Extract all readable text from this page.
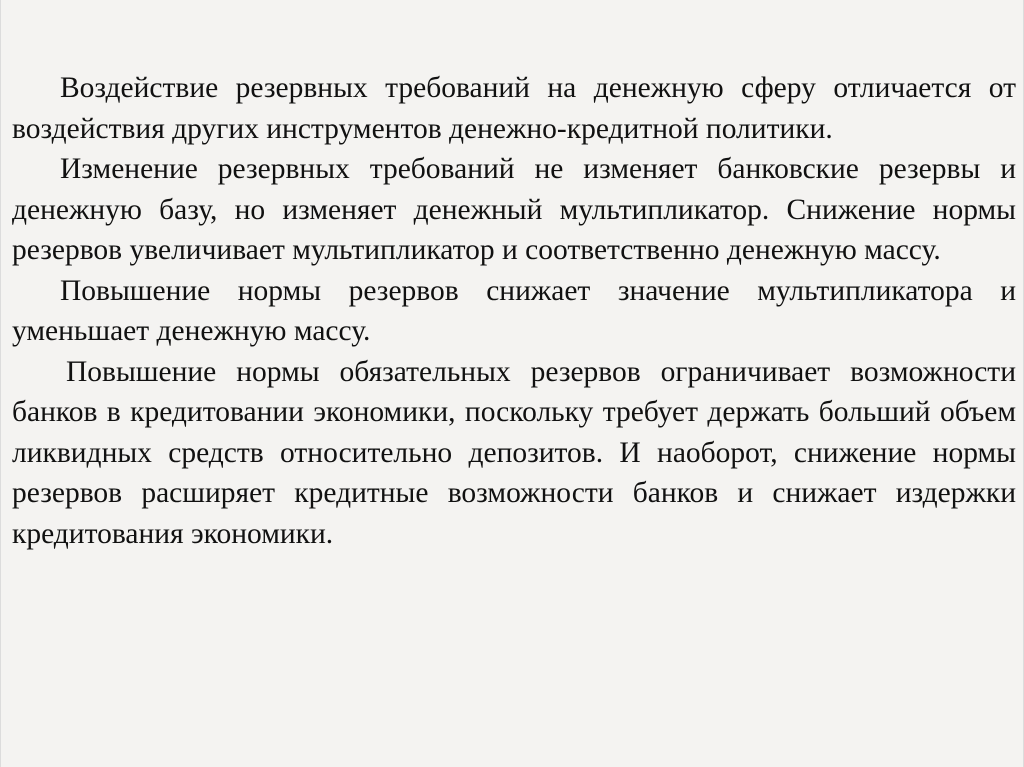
Воздействие резервных требований на денежную сферу отличается от воздействия других инструментов денежно-кредитной политики.

Изменение резервных требований не изменяет банковские резервы и денежную базу, но изменяет денежный мультипликатор. Снижение нормы резервов увеличивает мультипликатор и соответственно денежную массу.

Повышение нормы резервов снижает значение мультипликатора и уменьшает денежную массу.

Повышение нормы обязательных резервов ограничивает возможности банков в кредитовании экономики, поскольку требует держать больший объем ликвидных средств относительно депозитов. И наоборот, снижение нормы резервов расширяет кредитные возможности банков и снижает издержки кредитования экономики.
